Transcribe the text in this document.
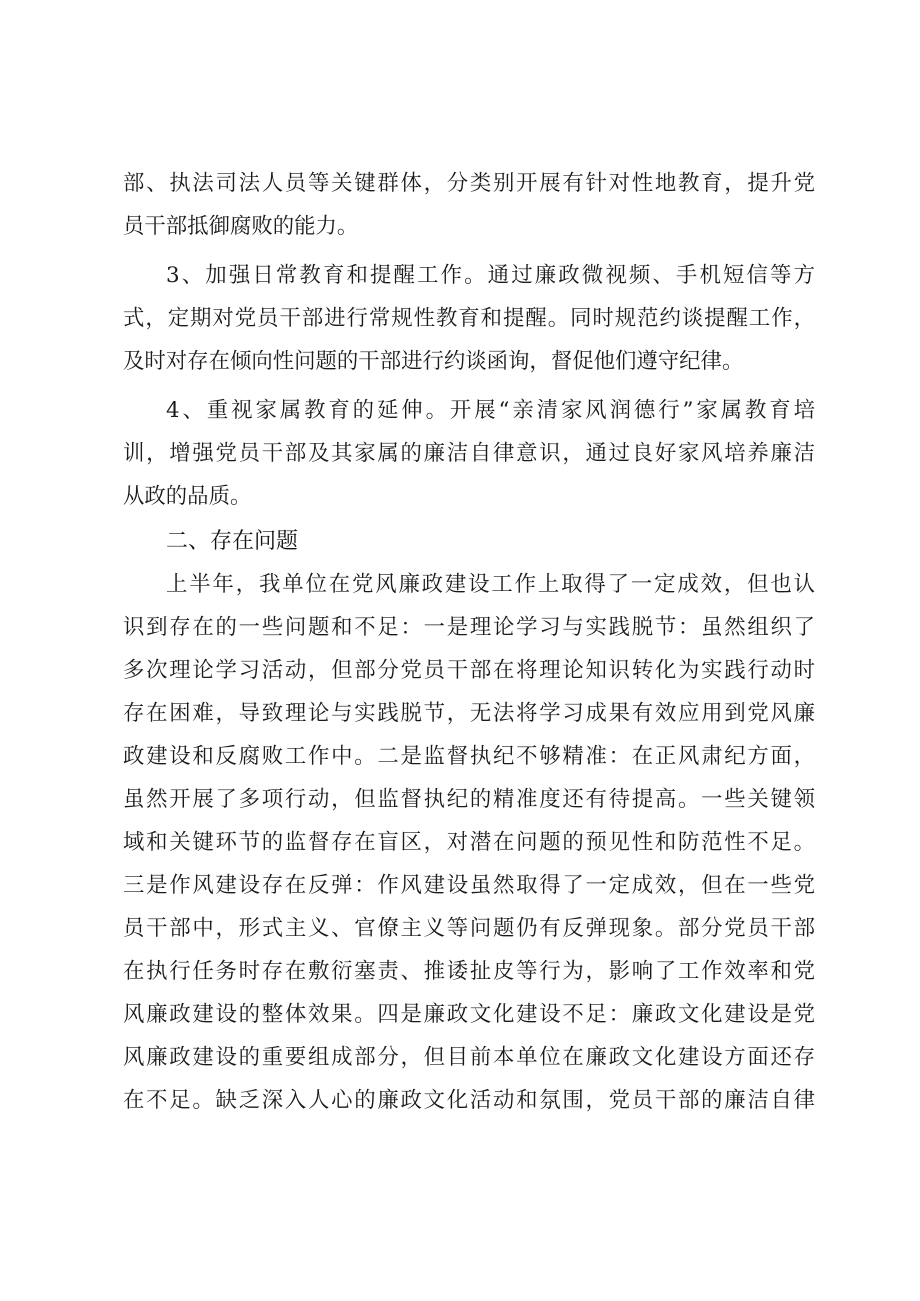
部、执法司法人员等关键群体，分类别开展有针对性地教育，提升党
员干部抵御腐败的能力。
3、加强日常教育和提醒工作。通过廉政微视频、手机短信等方
式，定期对党员干部进行常规性教育和提醒。同时规范约谈提醒工作，
及时对存在倾向性问题的干部进行约谈函询，督促他们遵守纪律。
4、重视家属教育的延伸。开展“亲清家风润德行”家属教育培
训，增强党员干部及其家属的廉洁自律意识，通过良好家风培养廉洁
从政的品质。
二、存在问题
上半年，我单位在党风廉政建设工作上取得了一定成效，但也认
识到存在的一些问题和不足：一是理论学习与实践脱节：虽然组织了
多次理论学习活动，但部分党员干部在将理论知识转化为实践行动时
存在困难，导致理论与实践脱节，无法将学习成果有效应用到党风廉
政建设和反腐败工作中。二是监督执纪不够精准：在正风肃纪方面，
虽然开展了多项行动，但监督执纪的精准度还有待提高。一些关键领
域和关键环节的监督存在盲区，对潜在问题的预见性和防范性不足。
三是作风建设存在反弹：作风建设虽然取得了一定成效，但在一些党
员干部中，形式主义、官僚主义等问题仍有反弹现象。部分党员干部
在执行任务时存在敷衍塞责、推诿扯皮等行为，影响了工作效率和党
风廉政建设的整体效果。四是廉政文化建设不足：廉政文化建设是党
风廉政建设的重要组成部分，但目前本单位在廉政文化建设方面还存
在不足。缺乏深入人心的廉政文化活动和氛围，党员干部的廉洁自律
